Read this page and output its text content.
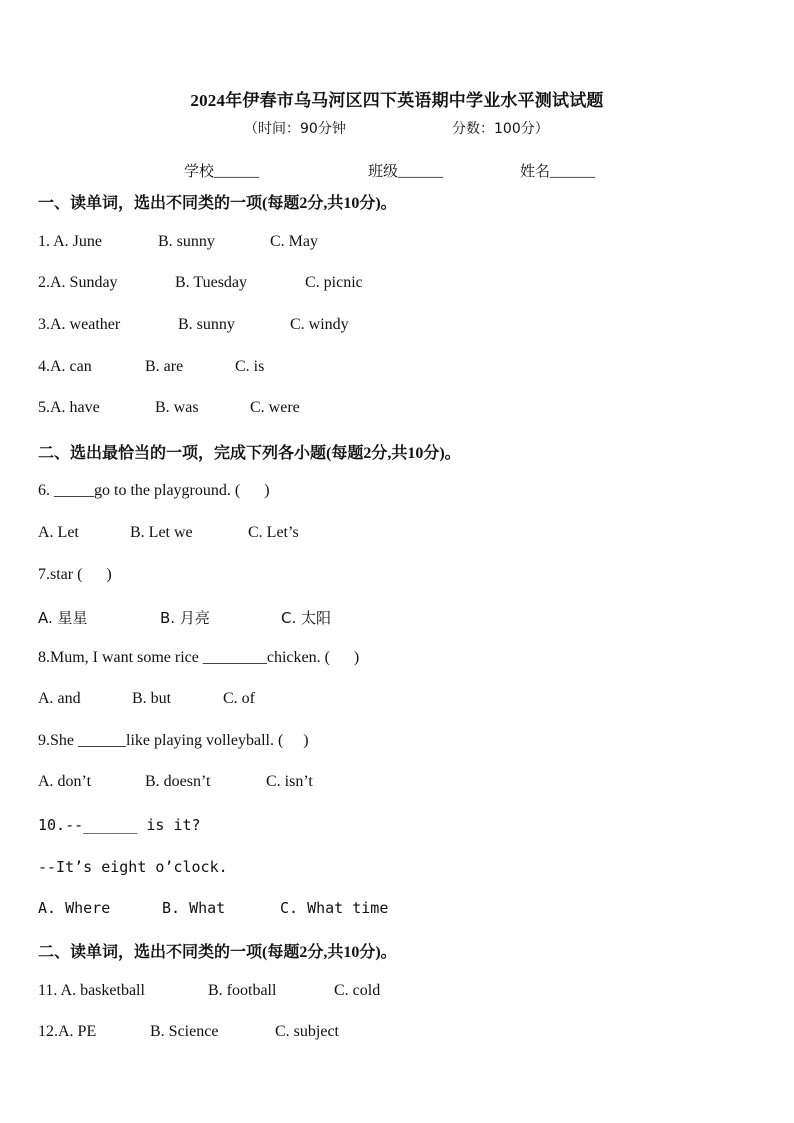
2024年伊春市乌马河区四下英语期中学业水平测试试题
（时间：90分钟	分数：100分）
学校______	班级______	姓名______
一、读单词，选出不同类的一项(每题2分,共10分)。
1. A. June	B. sunny	C. May
2.A. Sunday	B. Tuesday	C. picnic
3.A. weather	B. sunny	C. windy
4.A. can	B. are	C. is
5.A. have	B. was	C. were
二、选出最恰当的一项，完成下列各小题(每题2分,共10分)。
6. _____go to the playground. (      )
A. Let	B. Let we	C. Let’s
7.star (      )
A. 星星	B. 月亮	C. 太阳
8.Mum, I want some rice ________chicken. (      )
A. and	B. but	C. of
9.She ______like playing volleyball. (     )
A. don’t	B. doesn’t	C. isn’t
10.--______ is it?
--It’s eight o’clock.
A. Where	B. What	C. What time
二、读单词，选出不同类的一项(每题2分,共10分)。
11. A. basketball	B. football	C. cold
12.A. PE	B. Science	C. subject
